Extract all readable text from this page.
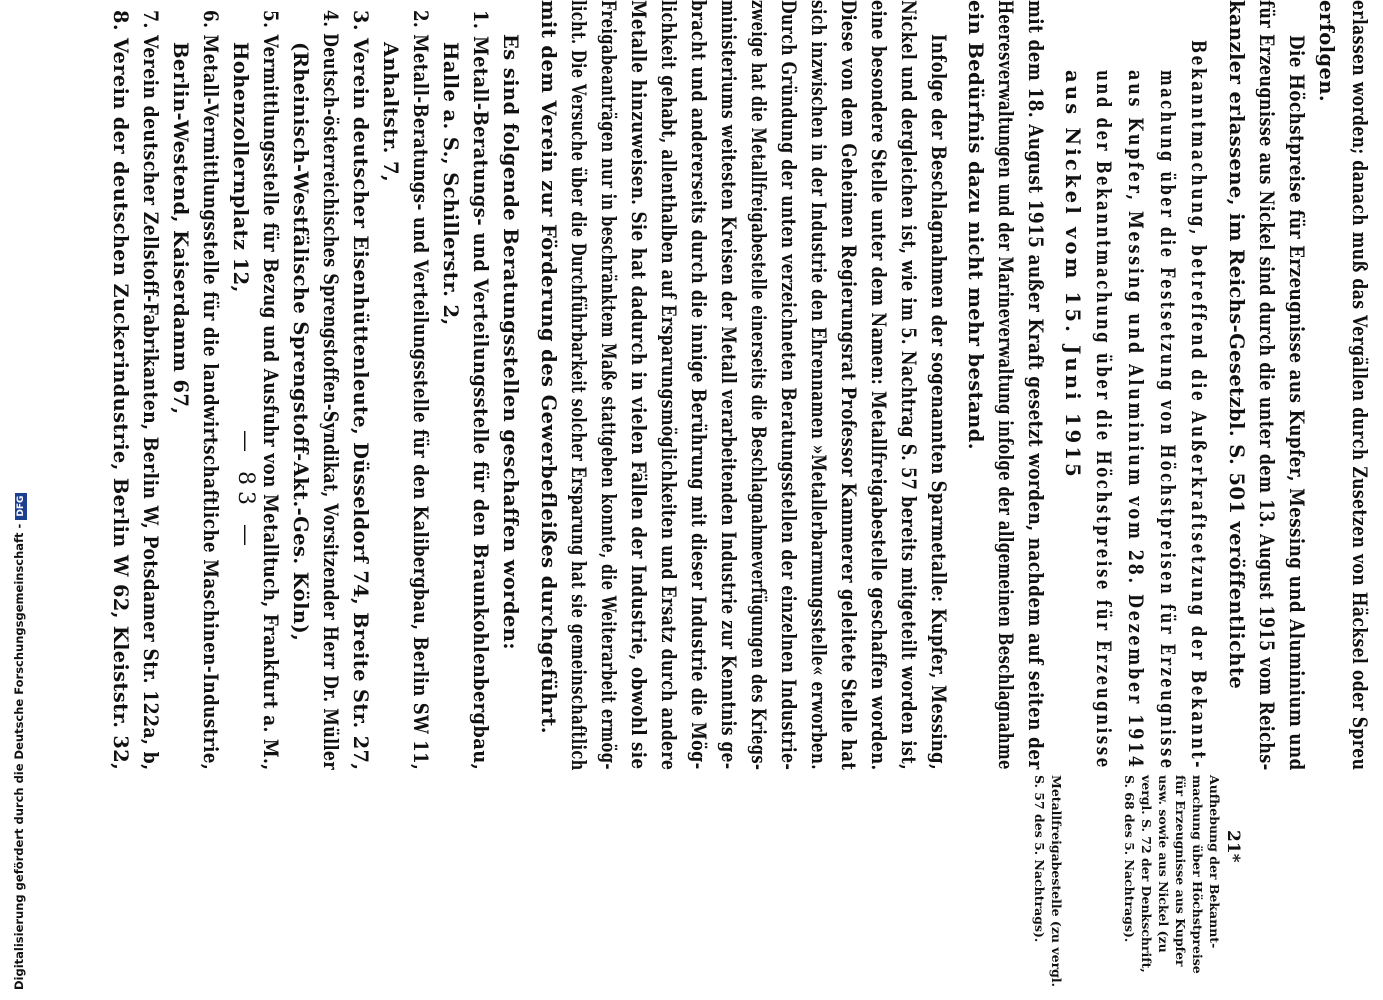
— 83 —	erlassen worden; danach muß das Vergällen durch Zusetzen von Häcksel oder Spreu
erfolgen.
Die Höchstpreise für Erzeugnisse aus Kupfer, Messing und Aluminium und
für Erzeugnisse aus Nickel sind durch die unter dem 13. August 1915 vom Reichs-
kanzler erlassene, im Reichs-Gesetzbl. S. 501 veröffentlichte
Bekanntmachung, betreffend die Außerkraftsetzung der Bekannt-
machung über die Festsetzung von Höchstpreisen für Erzeugnisse
aus Kupfer, Messing und Aluminium vom 28. Dezember 1914
und der Bekanntmachung über die Höchstpreise für Erzeugnisse
aus Nickel vom 15. Juni 1915
mit dem 18. August 1915 außer Kraft gesetzt worden, nachdem auf seiten der
Heeresverwaltungen und der Marineverwaltung infolge der allgemeinen Beschlagnahme
ein Bedürfnis dazu nicht mehr bestand.
Infolge der Beschlagnahmen der sogenannten Sparmetalle: Kupfer, Messing,
Nickel und dergleichen ist, wie im 5. Nachtrag S. 57 bereits mitgeteilt worden ist,
eine besondere Stelle unter dem Namen: Metallfreigabestelle geschaffen worden.
Diese von dem Geheimen Regierungsrat Professor Kammerer geleitete Stelle hat
sich inzwischen in der Industrie den Ehrennamen »Metallerbarmungsstelle« erworben.
Durch Gründung der unten verzeichneten Beratungsstellen der einzelnen Industrie-
zweige hat die Metallfreigabestelle einerseits die Beschlagnahmeverfügungen des Kriegs-
ministeriums weitesten Kreisen der Metall verarbeitenden Industrie zur Kenntnis ge-
bracht und andererseits durch die innige Berührung mit dieser Industrie die Mög-
lichkeit gehabt, allenthalben auf Ersparungsmöglichkeiten und Ersatz durch andere
Metalle hinzuweisen. Sie hat dadurch in vielen Fällen der Industrie, obwohl sie
Freigabeanträgen nur in beschränktem Maße stattgeben konnte, die Weiterarbeit ermög-
licht. Die Versuche über die Durchführbarkeit solcher Ersparung hat sie gemeinschaftlich
mit dem Verein zur Förderung des Gewerbefleißes durchgeführt.
Es sind folgende Beratungsstellen geschaffen worden:
1. Metall-Beratungs- und Verteilungsstelle für den Braunkohlenbergbau,
Halle a. S., Schillerstr. 2,
2. Metall-Beratungs- und Verteilungsstelle für den Kalibergbau, Berlin SW 11,
Anhaltstr. 7,
3. Verein deutscher Eisenhüttenleute, Düsseldorf 74, Breite Str. 27,
4. Deutsch-österreichisches Sprengstoffen-Syndikat, Vorsitzender Herr Dr. Müller
(Rheinisch-Westfälische Sprengstoff-Akt.-Ges. Köln),
5. Vermittlungsstelle für Bezug und Ausfuhr von Metalltuch, Frankfurt a. M.,
Hohenzollernplatz 12,
6. Metall-Vermittlungsstelle für die landwirtschaftliche Maschinen-Industrie,
Berlin-Westend, Kaiserdamm 67,
7. Verein deutscher Zellstoff-Fabrikanten, Berlin W, Potsdamer Str. 122a, b,
8. Verein der deutschen Zuckerindustrie, Berlin W 62, Kleiststr. 32,
Aufhebung der Bekannt-
machung über Höchstpreise
für Erzeugnisse aus Kupfer
usw. sowie aus Nickel (zu
vergl. S. 72 der Denkschrift,
S. 68 des 5. Nachtrags).
Metallfreigabestelle (zu vergl.
S. 57 des 5. Nachtrags).
21*
Digitalisierung gefördert durch die Deutsche Forschungsgemeinschaft -DFG
